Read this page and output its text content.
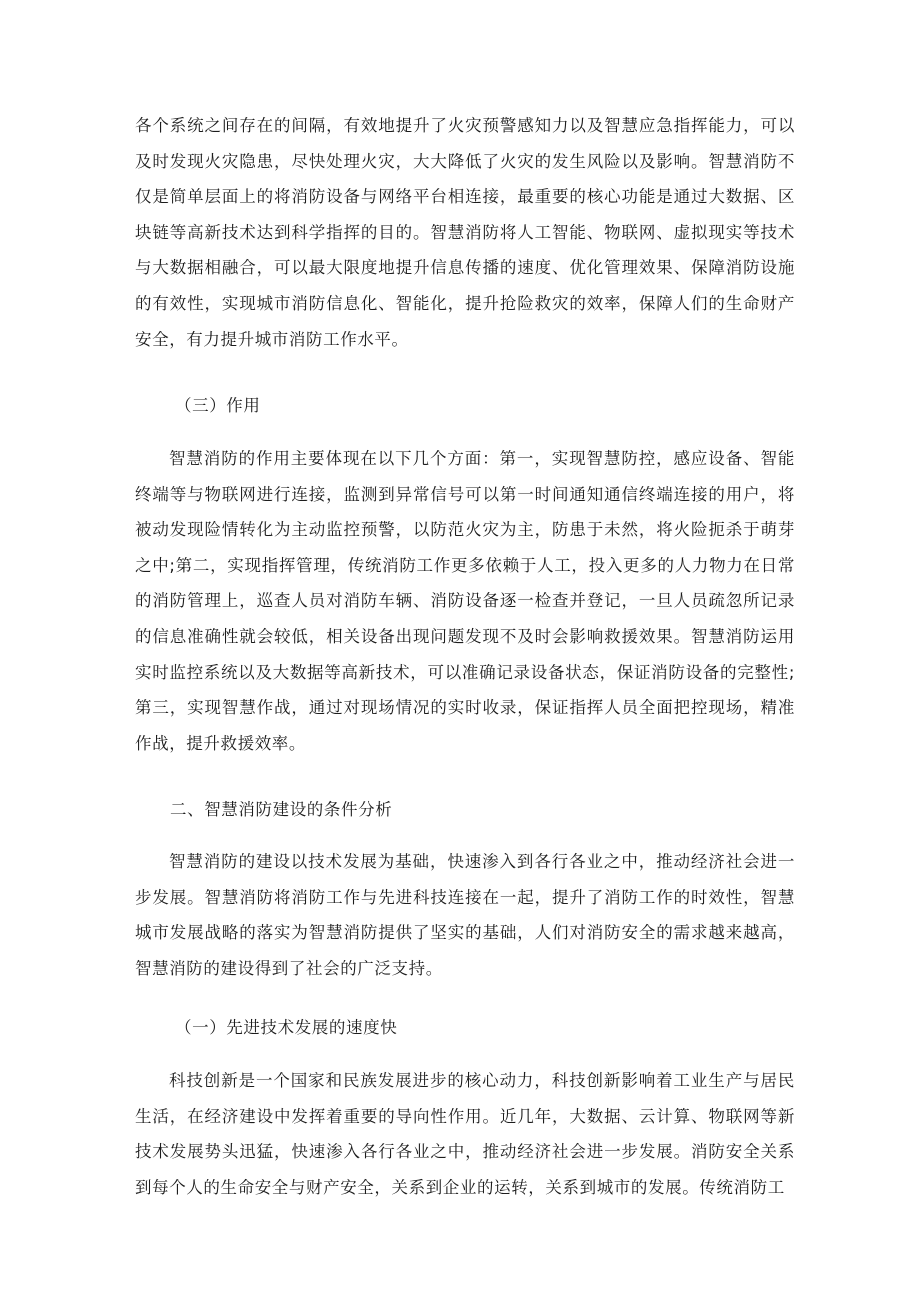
各个系统之间存在的间隔，有效地提升了火灾预警感知力以及智慧应急指挥能力，可以及时发现火灾隐患，尽快处理火灾，大大降低了火灾的发生风险以及影响。智慧消防不仅是简单层面上的将消防设备与网络平台相连接，最重要的核心功能是通过大数据、区块链等高新技术达到科学指挥的目的。智慧消防将人工智能、物联网、虚拟现实等技术与大数据相融合，可以最大限度地提升信息传播的速度、优化管理效果、保障消防设施的有效性，实现城市消防信息化、智能化，提升抢险救灾的效率，保障人们的生命财产安全，有力提升城市消防工作水平。

（三）作用

智慧消防的作用主要体现在以下几个方面：第一，实现智慧防控，感应设备、智能终端等与物联网进行连接，监测到异常信号可以第一时间通知通信终端连接的用户，将被动发现险情转化为主动监控预警，以防范火灾为主，防患于未然，将火险扼杀于萌芽之中;第二，实现指挥管理，传统消防工作更多依赖于人工，投入更多的人力物力在日常的消防管理上，巡查人员对消防车辆、消防设备逐一检查并登记，一旦人员疏忽所记录的信息准确性就会较低，相关设备出现问题发现不及时会影响救援效果。智慧消防运用实时监控系统以及大数据等高新技术，可以准确记录设备状态，保证消防设备的完整性;第三，实现智慧作战，通过对现场情况的实时收录，保证指挥人员全面把控现场，精准作战，提升救援效率。

二、智慧消防建设的条件分析

智慧消防的建设以技术发展为基础，快速渗入到各行各业之中，推动经济社会进一步发展。智慧消防将消防工作与先进科技连接在一起，提升了消防工作的时效性，智慧城市发展战略的落实为智慧消防提供了坚实的基础，人们对消防安全的需求越来越高，智慧消防的建设得到了社会的广泛支持。

（一）先进技术发展的速度快

科技创新是一个国家和民族发展进步的核心动力，科技创新影响着工业生产与居民生活，在经济建设中发挥着重要的导向性作用。近几年，大数据、云计算、物联网等新技术发展势头迅猛，快速渗入各行各业之中，推动经济社会进一步发展。消防安全关系到每个人的生命安全与财产安全，关系到企业的运转，关系到城市的发展。传统消防工
